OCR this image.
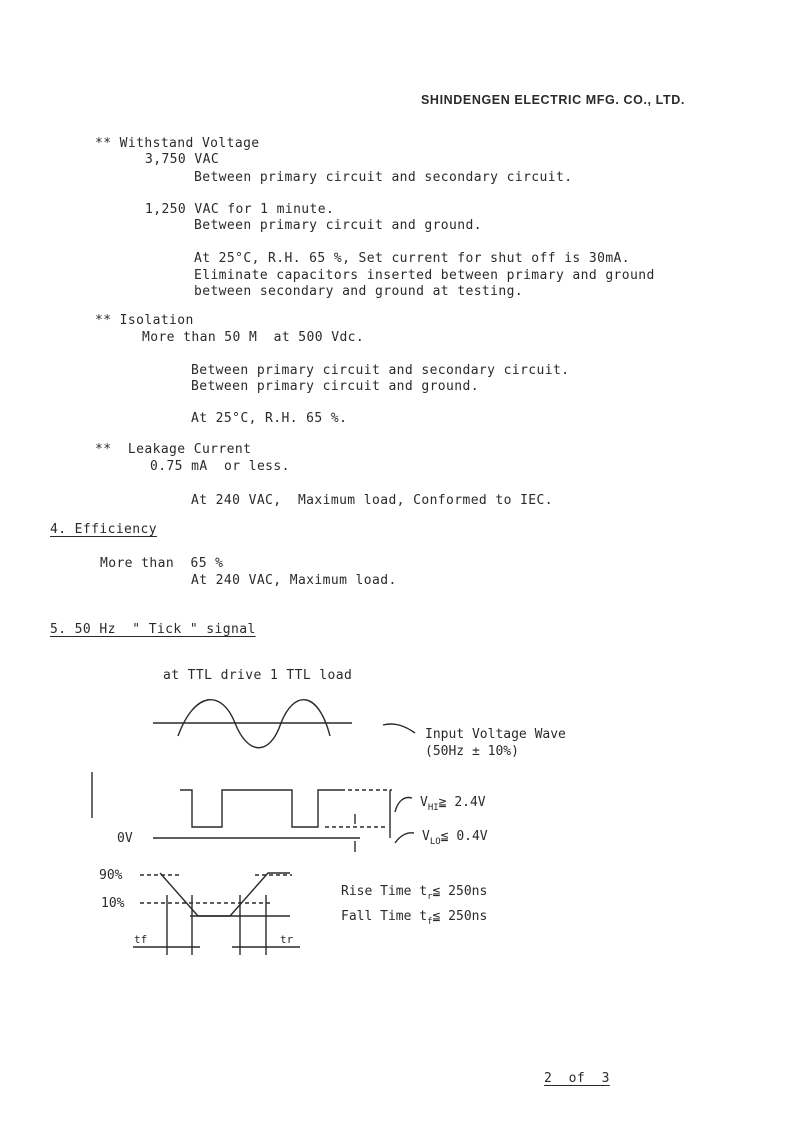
SHINDENGEN ELECTRIC MFG. CO., LTD.
** Withstand Voltage
3,750 VAC
Between primary circuit and secondary circuit.
1,250 VAC for 1 minute.
Between primary circuit and ground.
At 25°C, R.H. 65 %, Set current for shut off is 30mA.
Eliminate capacitors inserted between primary and ground
between secondary and ground at testing.
** Isolation
More than 50 M  at 500 Vdc.
Between primary circuit and secondary circuit.
Between primary circuit and ground.
At 25°C, R.H. 65 %.
**  Leakage Current
0.75 mA  or less.
At 240 VAC,  Maximum load, Conformed to IEC.
4. Efficiency
More than  65 %
At 240 VAC, Maximum load.
5. 50 Hz  " Tick " signal
at TTL drive 1 TTL load
Input Voltage Wave
(50Hz ± 10%)
0V
$V_{HI}≧$ 2.4V
$V_{LO}≦$ 0.4V
90%
10%
Rise Time $t_r≦$ 250ns
Fall Time $t_f≦$ 250ns
tf	tr
2  of  3
